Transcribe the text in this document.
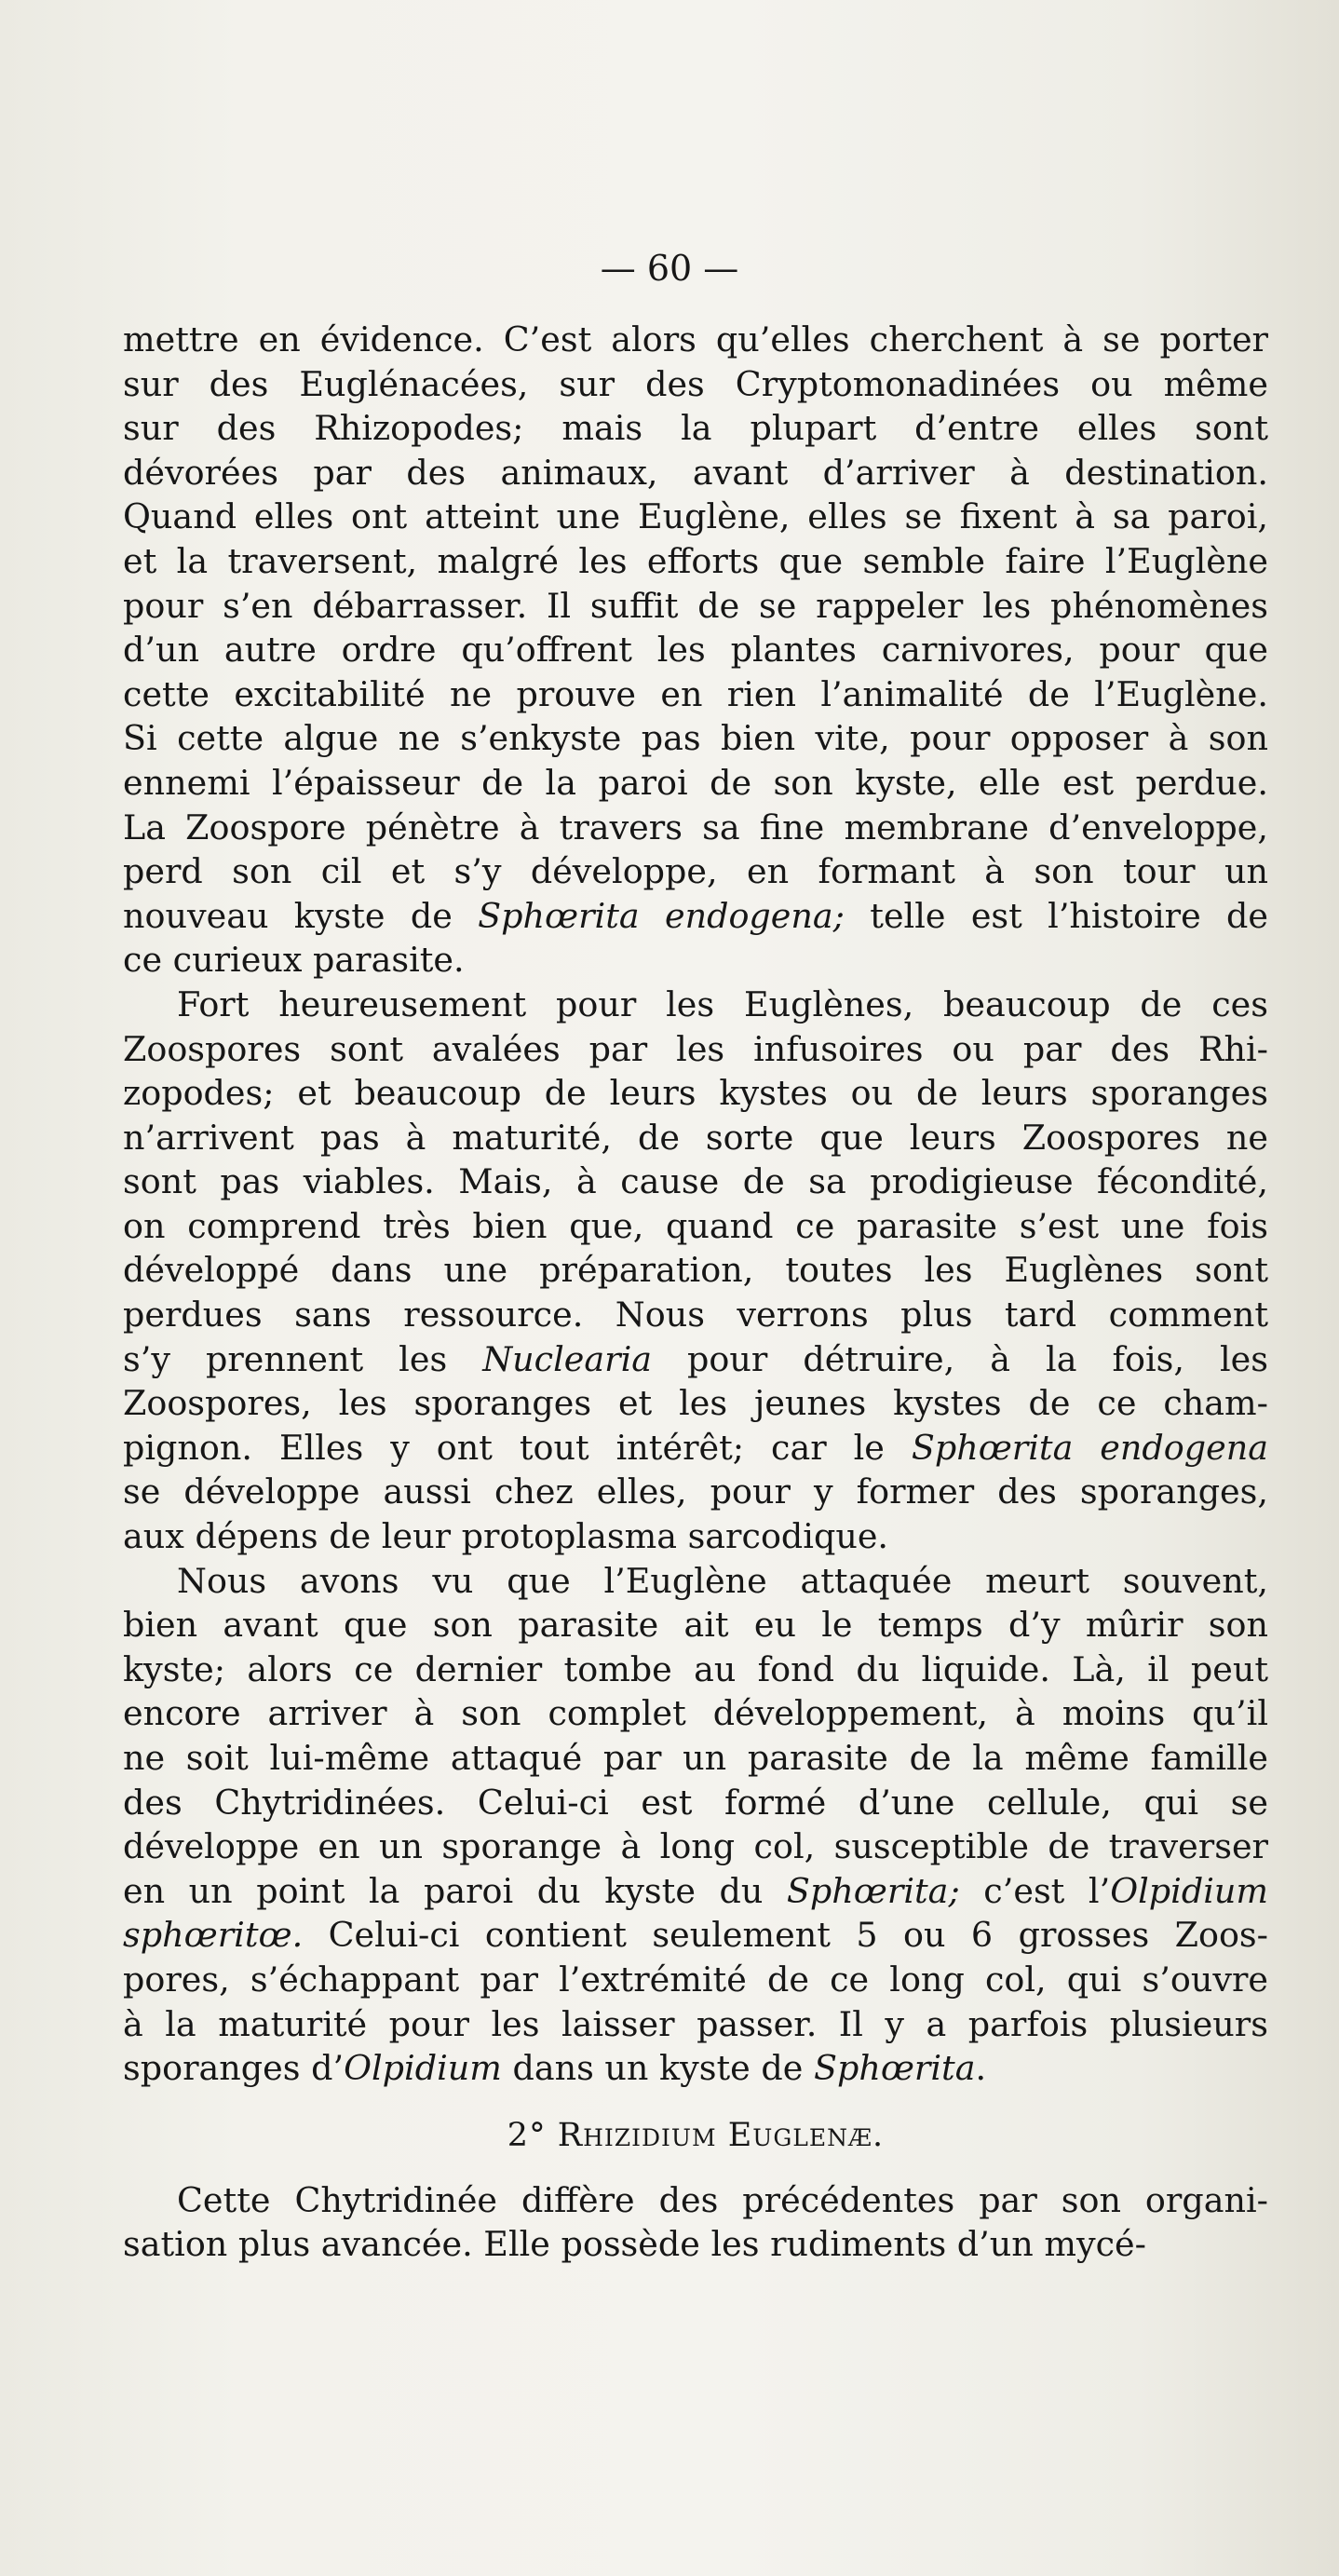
— 60 —
mettre en évidence. C’est alors qu’elles cherchent à se porter
sur des Euglénacées, sur des Cryptomonadinées ou même
sur des Rhizopodes; mais la plupart d’entre elles sont
dévorées par des animaux, avant d’arriver à destination.
Quand elles ont atteint une Euglène, elles se fixent à sa paroi,
et la traversent, malgré les efforts que semble faire l’Euglène
pour s’en débarrasser. Il suffit de se rappeler les phénomènes
d’un autre ordre qu’offrent les plantes carnivores, pour que
cette excitabilité ne prouve en rien l’animalité de l’Euglène.
Si cette algue ne s’enkyste pas bien vite, pour opposer à son
ennemi l’épaisseur de la paroi de son kyste, elle est perdue.
La Zoospore pénètre à travers sa fine membrane d’enveloppe,
perd son cil et s’y développe, en formant à son tour un
nouveau kyste de Sphœrita endogena; telle est l’histoire de
ce curieux parasite.
Fort heureusement pour les Euglènes, beaucoup de ces
Zoospores sont avalées par les infusoires ou par des Rhi-
zopodes; et beaucoup de leurs kystes ou de leurs sporanges
n’arrivent pas à maturité, de sorte que leurs Zoospores ne
sont pas viables. Mais, à cause de sa prodigieuse fécondité,
on comprend très bien que, quand ce parasite s’est une fois
développé dans une préparation, toutes les Euglènes sont
perdues sans ressource. Nous verrons plus tard comment
s’y prennent les Nuclearia pour détruire, à la fois, les
Zoospores, les sporanges et les jeunes kystes de ce cham-
pignon. Elles y ont tout intérêt; car le Sphœrita endogena
se développe aussi chez elles, pour y former des sporanges,
aux dépens de leur protoplasma sarcodique.
Nous avons vu que l’Euglène attaquée meurt souvent,
bien avant que son parasite ait eu le temps d’y mûrir son
kyste; alors ce dernier tombe au fond du liquide. Là, il peut
encore arriver à son complet développement, à moins qu’il
ne soit lui-même attaqué par un parasite de la même famille
des Chytridinées. Celui-ci est formé d’une cellule, qui se
développe en un sporange à long col, susceptible de traverser
en un point la paroi du kyste du Sphœrita; c’est l’Olpidium
sphœritœ. Celui-ci contient seulement 5 ou 6 grosses Zoos-
pores, s’échappant par l’extrémité de ce long col, qui s’ouvre
à la maturité pour les laisser passer. Il y a parfois plusieurs
sporanges d’Olpidium dans un kyste de Sphœrita.
2° Rhizidium Euglenæ.
Cette Chytridinée diffère des précédentes par son organi-
sation plus avancée. Elle possède les rudiments d’un mycé-
